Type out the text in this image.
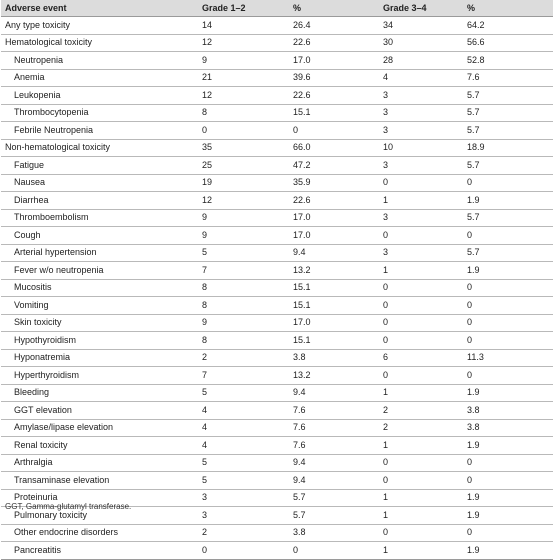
Adverse event	Grade 1–2	%	Grade 3–4	%
Any type toxicity	14	26.4	34	64.2
Hematological toxicity	12	22.6	30	56.6
Neutropenia	9	17.0	28	52.8
Anemia	21	39.6	4	7.6
Leukopenia	12	22.6	3	5.7
Thrombocytopenia	8	15.1	3	5.7
Febrile Neutropenia	0	0	3	5.7
Non-hematological toxicity	35	66.0	10	18.9
Fatigue	25	47.2	3	5.7
Nausea	19	35.9	0	0
Diarrhea	12	22.6	1	1.9
Thromboembolism	9	17.0	3	5.7
Cough	9	17.0	0	0
Arterial hypertension	5	9.4	3	5.7
Fever w/o neutropenia	7	13.2	1	1.9
Mucositis	8	15.1	0	0
Vomiting	8	15.1	0	0
Skin toxicity	9	17.0	0	0
Hypothyroidism	8	15.1	0	0
Hyponatremia	2	3.8	6	11.3
Hyperthyroidism	7	13.2	0	0
Bleeding	5	9.4	1	1.9
GGT elevation	4	7.6	2	3.8
Amylase/lipase elevation	4	7.6	2	3.8
Renal toxicity	4	7.6	1	1.9
Arthralgia	5	9.4	0	0
Transaminase elevation	5	9.4	0	0
Proteinuria	3	5.7	1	1.9
Pulmonary toxicity	3	5.7	1	1.9
Other endocrine disorders	2	3.8	0	0
Pancreatitis	0	0	1	1.9
GGT, Gamma-glutamyl transferase.
